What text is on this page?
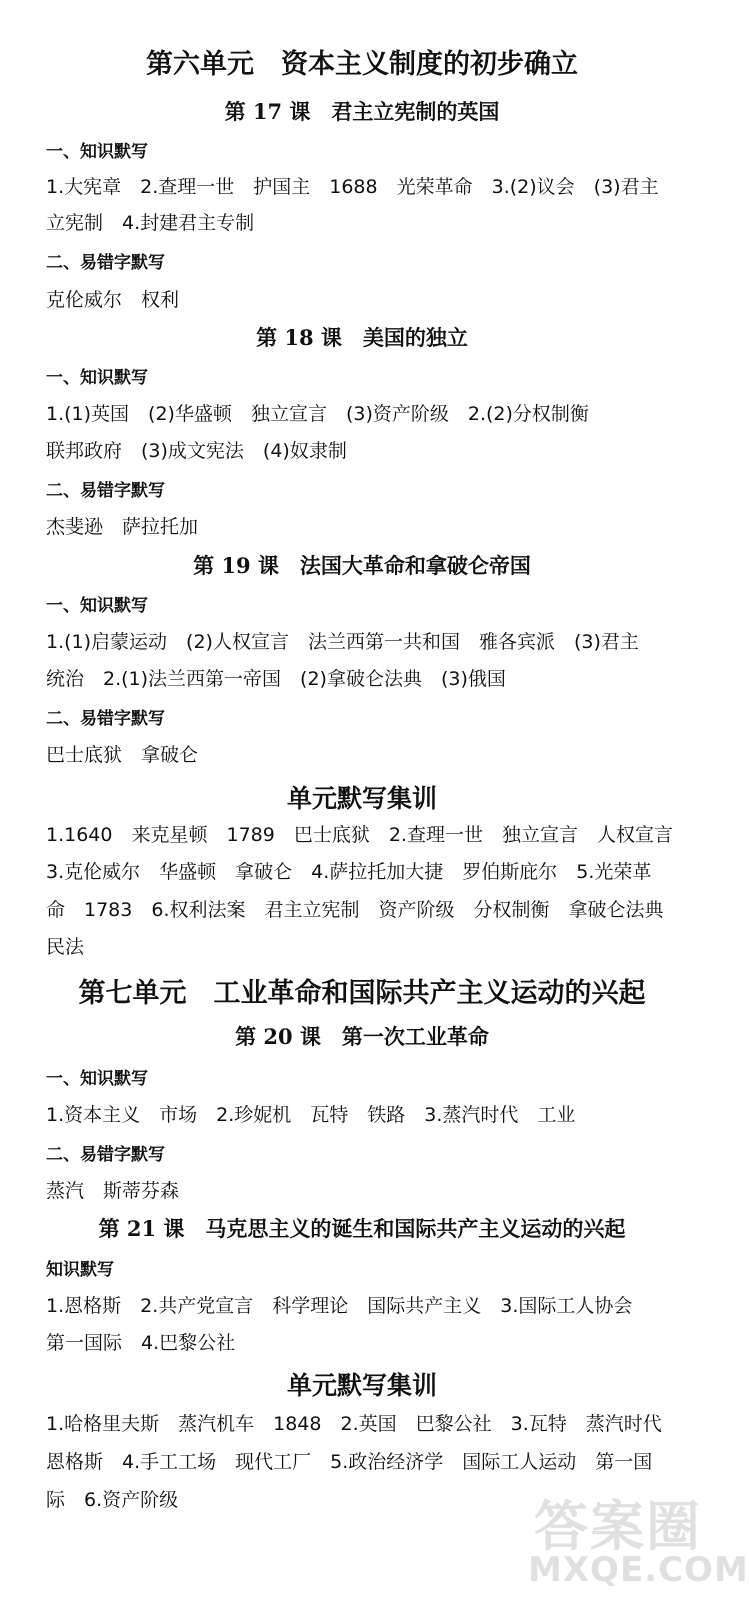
第六单元　资本主义制度的初步确立
第 17 课　君主立宪制的英国
一、知识默写
1.大宪章　2.查理一世　护国主　1688　光荣革命　3.(2)议会　(3)君主
立宪制　4.封建君主专制
二、易错字默写
克伦威尔　权利
第 18 课　美国的独立
一、知识默写
1.(1)英国　(2)华盛顿　独立宣言　(3)资产阶级　2.(2)分权制衡
联邦政府　(3)成文宪法　(4)奴隶制
二、易错字默写
杰斐逊　萨拉托加
第 19 课　法国大革命和拿破仑帝国
一、知识默写
1.(1)启蒙运动　(2)人权宣言　法兰西第一共和国　雅各宾派　(3)君主
统治　2.(1)法兰西第一帝国　(2)拿破仑法典　(3)俄国
二、易错字默写
巴士底狱　拿破仑
单元默写集训
1.1640　来克星顿　1789　巴士底狱　2.查理一世　独立宣言　人权宣言
3.克伦威尔　华盛顿　拿破仑　4.萨拉托加大捷　罗伯斯庇尔　5.光荣革
命　1783　6.权利法案　君主立宪制　资产阶级　分权制衡　拿破仑法典
民法
第七单元　工业革命和国际共产主义运动的兴起
第 20 课　第一次工业革命
一、知识默写
1.资本主义　市场　2.珍妮机　瓦特　铁路　3.蒸汽时代　工业
二、易错字默写
蒸汽　斯蒂芬森
第 21 课　马克思主义的诞生和国际共产主义运动的兴起
知识默写
1.恩格斯　2.共产党宣言　科学理论　国际共产主义　3.国际工人协会
第一国际　4.巴黎公社
单元默写集训
1.哈格里夫斯　蒸汽机车　1848　2.英国　巴黎公社　3.瓦特　蒸汽时代
恩格斯　4.手工工场　现代工厂　5.政治经济学　国际工人运动　第一国
际　6.资产阶级	答案圈
MXQE.COM
